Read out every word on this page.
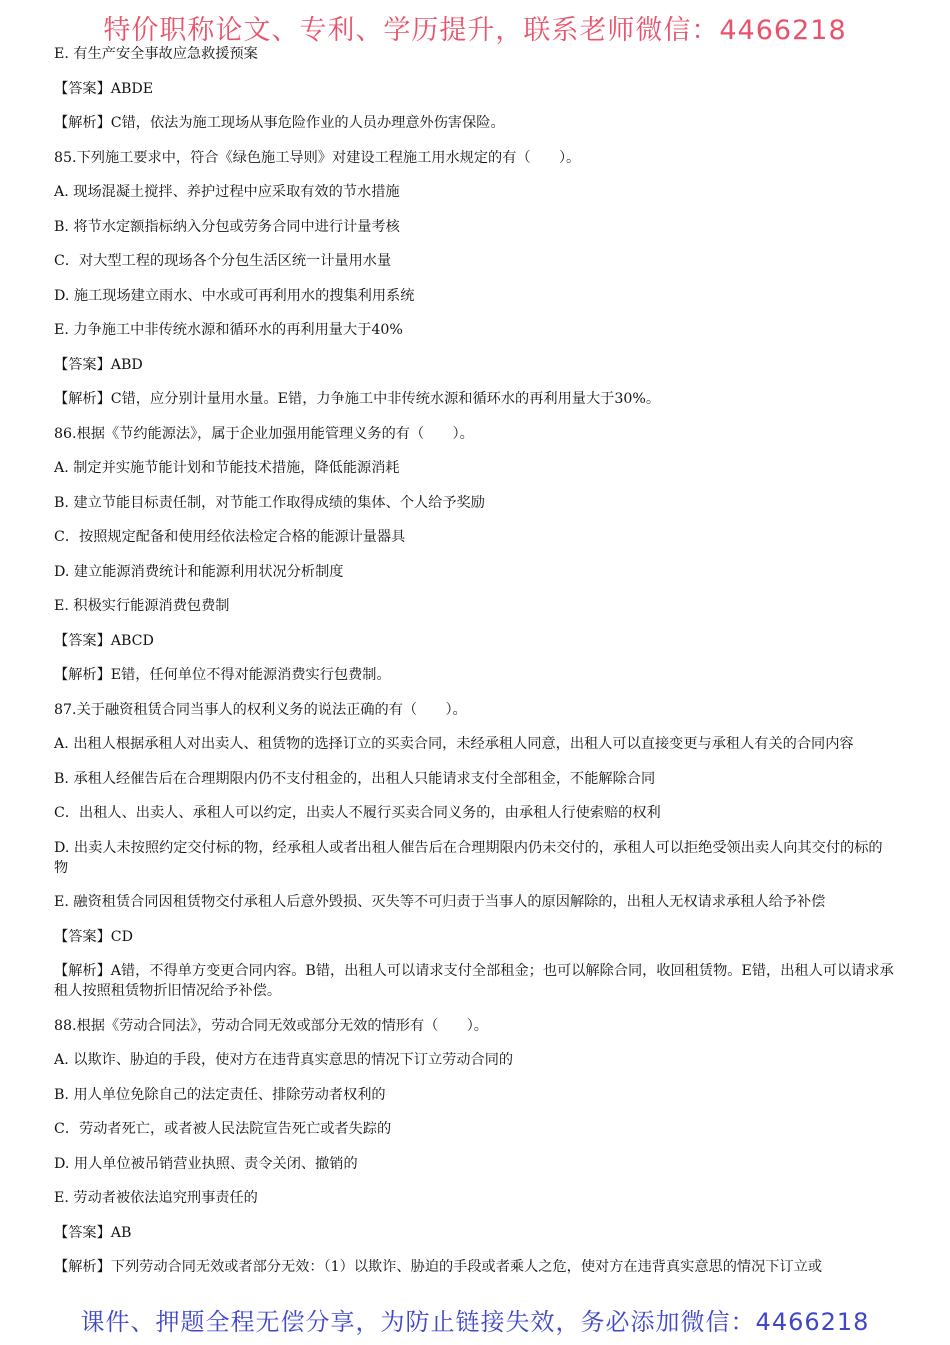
特价职称论文、专利、学历提升，联系老师微信：4466218

E. 有生产安全事故应急救援预案

【答案】ABDE

【解析】C错，依法为施工现场从事危险作业的人员办理意外伤害保险。

85.下列施工要求中，符合《绿色施工导则》对建设工程施工用水规定的有（　　）。

A. 现场混凝土搅拌、养护过程中应采取有效的节水措施

B. 将节水定额指标纳入分包或劳务合同中进行计量考核

C．对大型工程的现场各个分包生活区统一计量用水量

D. 施工现场建立雨水、中水或可再利用水的搜集利用系统

E. 力争施工中非传统水源和循环水的再利用量大于40%

【答案】ABD

【解析】C错，应分别计量用水量。E错，力争施工中非传统水源和循环水的再利用量大于30%。

86.根据《节约能源法》，属于企业加强用能管理义务的有（　　）。

A. 制定并实施节能计划和节能技术措施，降低能源消耗

B. 建立节能目标责任制，对节能工作取得成绩的集体、个人给予奖励

C．按照规定配备和使用经依法检定合格的能源计量器具

D. 建立能源消费统计和能源利用状况分析制度

E. 积极实行能源消费包费制

【答案】ABCD

【解析】E错，任何单位不得对能源消费实行包费制。

87.关于融资租赁合同当事人的权利义务的说法正确的有（　　）。

A. 出租人根据承租人对出卖人、租赁物的选择订立的买卖合同，未经承租人同意，出租人可以直接变更与承租人有关的合同内容

B. 承租人经催告后在合理期限内仍不支付租金的，出租人只能请求支付全部租金，不能解除合同

C．出租人、出卖人、承租人可以约定，出卖人不履行买卖合同义务的，由承租人行使索赔的权利

D. 出卖人未按照约定交付标的物，经承租人或者出租人催告后在合理期限内仍未交付的，承租人可以拒绝受领出卖人向其交付的标的物

E. 融资租赁合同因租赁物交付承租人后意外毁损、灭失等不可归责于当事人的原因解除的，出租人无权请求承租人给予补偿

【答案】CD

【解析】A错，不得单方变更合同内容。B错，出租人可以请求支付全部租金；也可以解除合同，收回租赁物。E错，出租人可以请求承租人按照租赁物折旧情况给予补偿。

88.根据《劳动合同法》，劳动合同无效或部分无效的情形有（　　）。

A. 以欺诈、胁迫的手段，使对方在违背真实意思的情况下订立劳动合同的

B. 用人单位免除自己的法定责任、排除劳动者权利的

C．劳动者死亡，或者被人民法院宣告死亡或者失踪的

D. 用人单位被吊销营业执照、责令关闭、撤销的

E. 劳动者被依法追究刑事责任的

【答案】AB

【解析】下列劳动合同无效或者部分无效：（1）以欺诈、胁迫的手段或者乘人之危，使对方在违背真实意思的情况下订立或

课件、押题全程无偿分享，为防止链接失效，务必添加微信：4466218
